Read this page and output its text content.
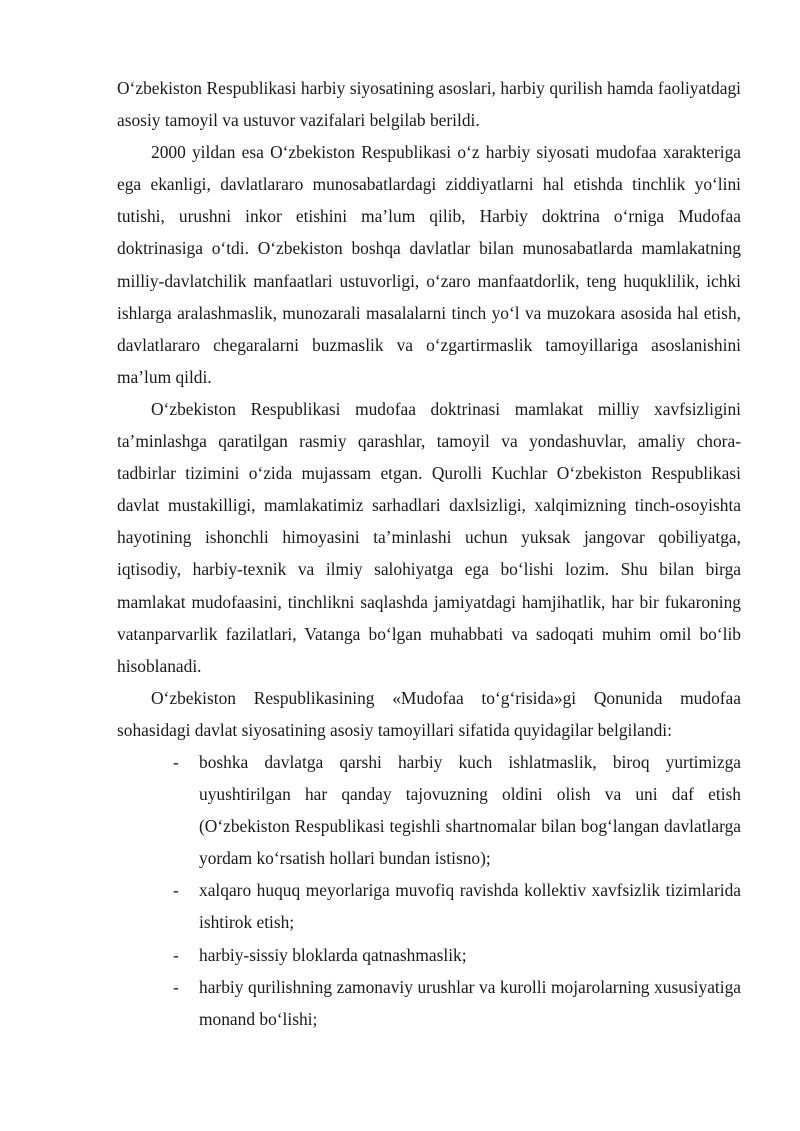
O‘zbekiston Respublikasi harbiy siyosatining asoslari, harbiy qurilish hamda faoliyatdagi asosiy tamoyil va ustuvor vazifalari belgilab berildi.

2000 yildan esa O‘zbekiston Respublikasi o‘z harbiy siyosati mudofaa xarakteriga ega ekanligi, davlatlararo munosabatlardagi ziddiyatlarni hal etishda tinchlik yo‘lini tutishi, urushni inkor etishini ma’lum qilib, Harbiy doktrina o‘rniga Mudofaa doktrinasiga o‘tdi. O‘zbekiston boshqa davlatlar bilan munosabatlarda mamlakatning milliy-davlatchilik manfaatlari ustuvorligi, o‘zaro manfaatdorlik, teng huquklilik, ichki ishlarga aralashmaslik, munozarali masalalarni tinch yo‘l va muzokara asosida hal etish, davlatlararo chegaralarni buzmaslik va o‘zgartirmaslik tamoyillariga asoslanishini ma’lum qildi.

O‘zbekiston Respublikasi mudofaa doktrinasi mamlakat milliy xavfsizligini ta’minlashga qaratilgan rasmiy qarashlar, tamoyil va yondashuvlar, amaliy chora-tadbirlar tizimini o‘zida mujassam etgan. Qurolli Kuchlar O‘zbekiston Respublikasi davlat mustakilligi, mamlakatimiz sarhadlari daxlsizligi, xalqimizning tinch-osoyishta hayotining ishonchli himoyasini ta’minlashi uchun yuksak jangovar qobiliyatga, iqtisodiy, harbiy-texnik va ilmiy salohiyatga ega bo‘lishi lozim. Shu bilan birga mamlakat mudofaasini, tinchlikni saqlashda jamiyatdagi hamjihatlik, har bir fukaroning vatanparvarlik fazilatlari, Vatanga bo‘lgan muhabbati va sadoqati muhim omil bo‘lib hisoblanadi.

O‘zbekiston Respublikasining «Mudofaa to‘g‘risida»gi Qonunida mudofaa sohasidagi davlat siyosatining asosiy tamoyillari sifatida quyidagilar belgilandi:

- boshka davlatga qarshi harbiy kuch ishlatmaslik, biroq yurtimizga uyushtirilgan har qanday tajovuzning oldini olish va uni daf etish (O‘zbekiston Respublikasi tegishli shartnomalar bilan bog‘langan davlatlarga yordam ko‘rsatish hollari bundan istisno);
- xalqaro huquq meyorlariga muvofiq ravishda kollektiv xavfsizlik tizimlarida ishtirok etish;
- harbiy-sissiy bloklarda qatnashmaslik;
- harbiy qurilishning zamonaviy urushlar va kurolli mojarolarning xususiyatiga monand bo‘lishi;
